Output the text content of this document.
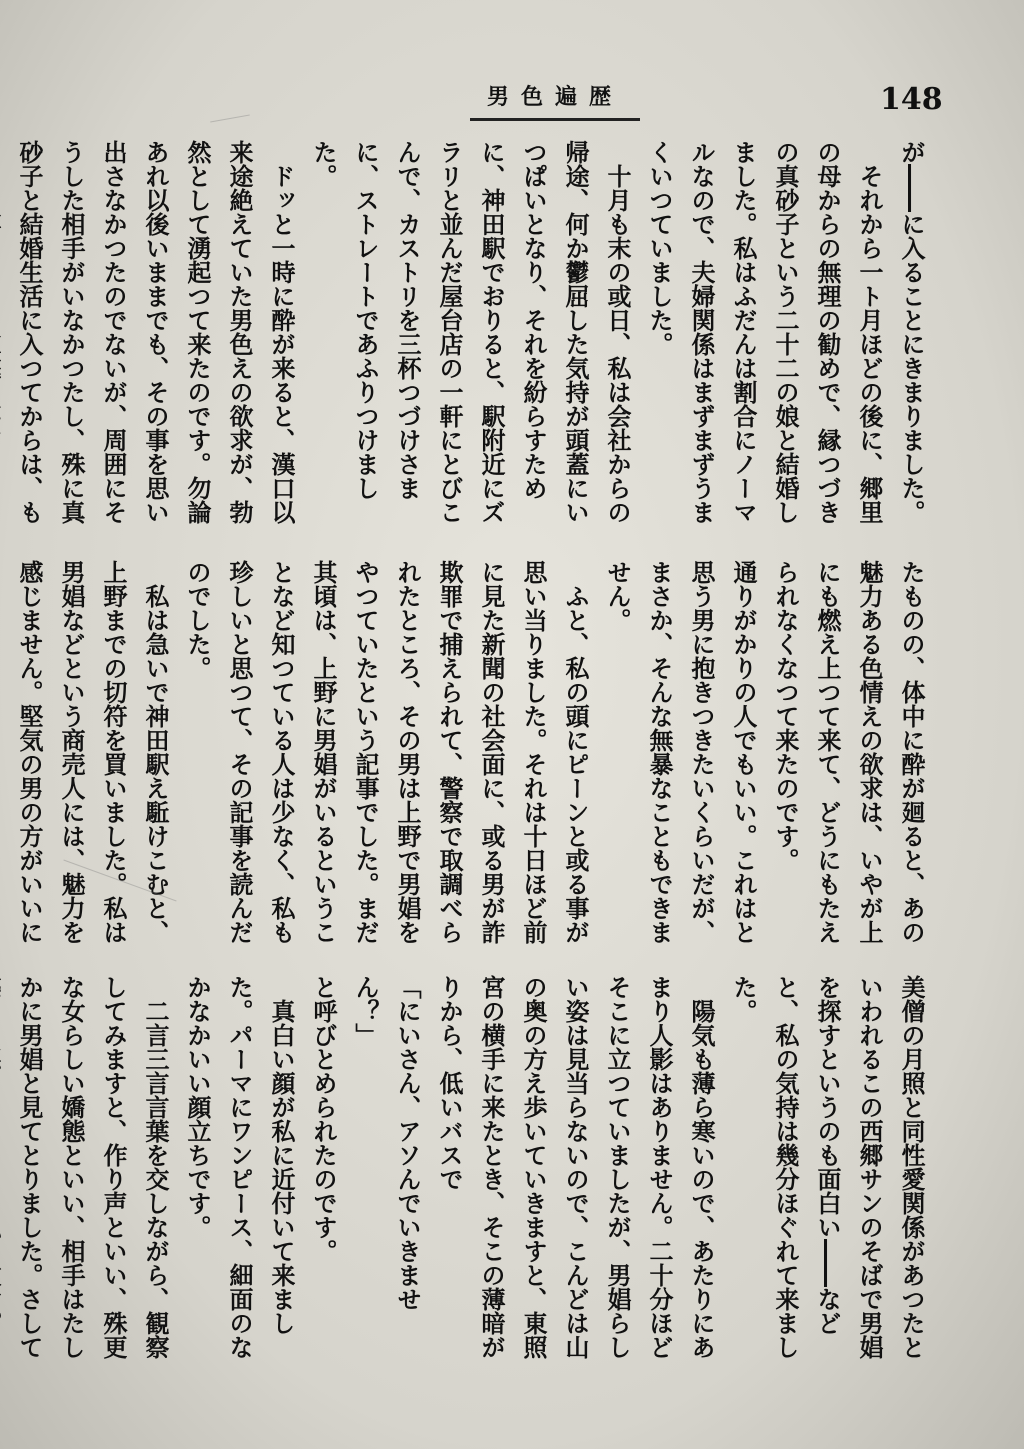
男色遍歴	148

が――に入ることにきまりました。

　それから一ト月ほどの後に、郷里の母からの無理の勧めで、縁つづきの真砂子という二十二の娘と結婚しました。私はふだんは割合にノーマルなので、夫婦関係はまずまずうまくいつていました。

　十月も末の或日、私は会社からの帰途、何か鬱屈した気持が頭蓋にいつぱいとなり、それを紛らすために、神田駅でおりると、駅附近にズラリと並んだ屋台店の一軒にとびこんで、カストリを三杯つづけさまに、ストレートであふりつけました。

　ドッと一時に酔が来ると、漢口以来途絶えていた男色えの欲求が、勃然として湧起つて来たのです。勿論あれ以後いままでも、その事を思い出さなかつたのでないが、周囲にそうした相手がいなかつたし、殊に真砂子と結婚生活に入つてからは、も

たものの、体中に酔が廻ると、あの魅力ある色情えの欲求は、いやが上にも燃え上つて来て、どうにもたえられなくなつて来たのです。

通りがかりの人でもいい。これはと思う男に抱きつきたいくらいだが、まさか、そんな無暴なこともできません。

　ふと、私の頭にピーンと或る事が思い当りました。それは十日ほど前に見た新聞の社会面に、或る男が詐欺罪で捕えられて、警察で取調べられたところ、その男は上野で男娼をやつていたという記事でした。まだ其頃は、上野に男娼がいるということなど知つている人は少なく、私も珍しいと思つて、その記事を読んだのでした。

　私は急いで神田駅え駈けこむと、上野までの切符を買いました。私は男娼などという商売人には、魅力を感じません。堅気の男の方がいいに

美僧の月照と同性愛関係があつたといわれるこの西郷サンのそばで男娼を探すというのも面白い――などと、私の気持は幾分ほぐれて来ました。

　陽気も薄ら寒いので、あたりにあまり人影はありません。二十分ほどそこに立つていましたが、男娼らしい姿は見当らないので、こんどは山の奥の方え歩いていきますと、東照宮の横手に来たとき、そこの薄暗がりから、低いバスで

「にいさん、アソんでいきません？」

と呼びとめられたのです。

　真白い顔が私に近付いて来ました。パーマにワンピース、細面のなかなかいい顔立ちです。

　二言三言言葉を交しながら、観察してみますと、作り声といい、殊更な女らしい嬌態といい、相手はたしかに男娼と見てとりました。さして
